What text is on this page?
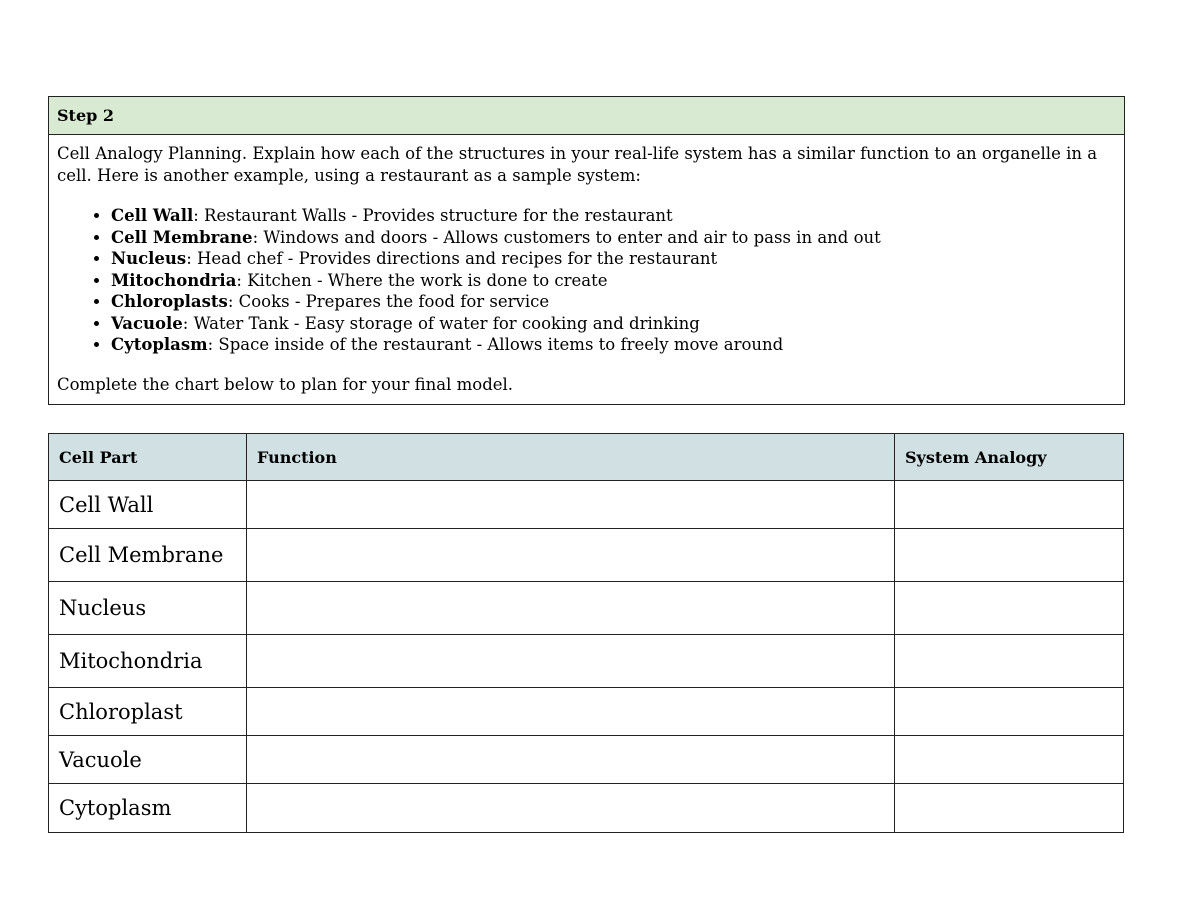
Step 2

Cell Analogy Planning. Explain how each of the structures in your real-life system has a similar function to an organelle in a cell. Here is another example, using a restaurant as a sample system:

• Cell Wall: Restaurant Walls - Provides structure for the restaurant
• Cell Membrane: Windows and doors - Allows customers to enter and air to pass in and out
• Nucleus: Head chef - Provides directions and recipes for the restaurant
• Mitochondria: Kitchen - Where the work is done to create
• Chloroplasts: Cooks - Prepares the food for service
• Vacuole: Water Tank - Easy storage of water for cooking and drinking
• Cytoplasm: Space inside of the restaurant - Allows items to freely move around

Complete the chart below to plan for your final model.

Cell Part	Function	System Analogy
Cell Wall		
Cell Membrane		
Nucleus		
Mitochondria		
Chloroplast		
Vacuole		
Cytoplasm		
